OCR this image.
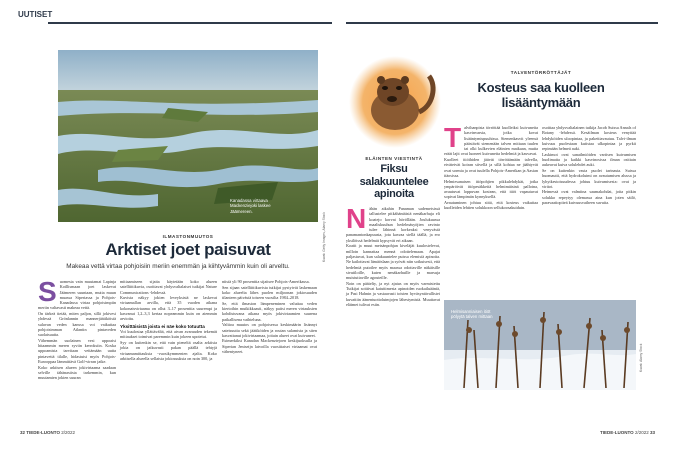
UUTISET
Kanadassa virtaava Mackenziejoki laskee Jäämereen.
Kuvat: Getty Images, Alamy Stock
ILMASTONMUUTOS
Arktiset joet paisuvat
Makeaa vettä virtaa pohjoisiin meriin enemmän ja kiihtyvämmin kuin oli arveltu.
S uomesta vain muutamat Lapinja Koillismaan joet laskevat Jäämeren suuntaan, mutta muun muassa Siperiassa ja Pohjois-Kanadassa virtaa pohjoisimpiin meriin valtavasti makeaa vettä.
On tärkeä tietää, miten paljon, sillä jokivesi yhdessä Grönlannin mannerjäätiköistä sulavan veden kanssa voi vaikuttaa pohjoisimman Atlantin pintaveden suolaisuutta.
Vähemmän suolainen vesi uppoaisi hitaammin meren syviin kerroksiin. Koska uppoamista tarvitaan veitämään uutta pintavettä tilalle, hidastuisi myös Pohjois-Eurooppaa lämmittävä Golf-virran jatke.
Koko arktisen alueen jokivirtaama saadaan selville tähänastista tarkemmin, kun muutamien jokien suuran
mittaamiseen sijaita käytetään koko alueen satelliittikuvia, osoittavat yhdysvaltalaiset tutkijat Nature Communications -lehdessä.
Kuvista näkyy jokien leveyksistä ne laskevat virtaamallan arvilla, että 35 vuoden aikana kokonaisvirtaama on ollut 3–17 prosenttia suurempi ja kasvanut 1,2–3,3 kertaa nopeammin kuin on aiemmin arvioitu.
Yksittäisistä joista ei näe koko totuutta
Voi kuulostaa yllättävältä, että aivan avaruuden tekemät mittaukset toimivat paremmin kuin jokeen upotetut.
Syy on kuitenkin se, että vain pieneltä osalta arktisia jokia on jatkuvasti pakan päällä tehtyjä virtaamamittauksia -vuosikymmenten ajalta. Koko arktisella alueella sellaisia jokiosuuksia on noin 300, ja
niistä yli 90 prosenttia sijaitsee Pohjois-Amerikassa.
Sen sijaan satelliittikuvista tutkijat pystyivät laskemaan koko alueelta lähes puolen miljoonan jokiosuuden tilanteen päivästä toiseen vuosilta 1984–2018.
Se, että ilmaston lämpeneminen valuttaa veden kiertoihin mutkikkaasti, näkyy paitsi meren virtauksien kohdistuvana aikana myös jokivirtaamien suurena paikallisena vaihteluna.
Valtioa muutos on pohjoisessa keskimäärin lisännyt sateisuutta sekä jäätiköiden ja routan sulamista ja siten kasvattanut jokivirtaamaa, joitain alueet ovat kuivuneet.
Esimerkiksi Kanadan Mackenziejoen keskijuoksulla ja Siperian Jeniseijn latvoilla vuosittaiset virtaamat ovat vähentyneet.
ELÄINTEN VIESTINTÄ
Fiksu salakuuntelee apinoita
N ähän aikahin Panaman sademetsissä tallustelee pitkähäntäisiä nenäkarhuja eli koatejo korvat höröllään. Joulukuussa maaliskuuhun hedelmäsyöjien ravinto tulee lähinnä korkeaksi venyvästä panamantonkapuusta, jota kasvaa siellä täällä, ja ero yksilöissä hedelmät kypsyvät eri aikaan.
Koatit ja muut metsänpohjan kiveläjät kuulostelevat, milloin kannattaa mennä odottelemaan. Apajat paljastuvat, kun salakuuntelee puissa elemisiä apinoita. Ne kailottavat lämäöslaan ja syövät niin sotkuisesti, että hedelmiä putoilee myös maassa odottaville näkäisille sivutiloille, kuten nenäkarhuille ja marsuja muistuttaville agouteille.
Noin on päätelty, ja nyt ajatus on myös varmistettu Tutkijat soittivat kaiuttimesta apinoiden ruokailuääniä, ja Pasi Hahnin ja vastaavasti toisten hyväsyntävallistei kuvattiin äänentuottoluimjojen lähestymistä. Muuttavat eläimet tulivat esiin.
TALVENTÖRRÖTTÄJÄT
Kosteus saa kuolleen lisääntymään
T alvihanpista törröttää kuolleiksi kuivuneita kasvinvarsia, jotka kovat lisääntymispuuhissa. Siemenkasvit yleensä päästävät siemenään talven mittaan tuulen tai olki kulkevien eläinten matkaan, mutta eräät lajit ovat luoneet kuivuneita hedelmiä ja kasvavat.
Kuolleet itiöihiden jäävät törröttämään talvella, eiväteivät koiran siivellä ja sillä kohtaa ne jäähtyvät ovat sormia ja ovat tuulella Pohjois-Amerikan ja Aasian itäosissa.
Helmiesanaisen itiöpohjien pikkulehdykät, jotka ympäröivät itiöpesäkkeitä helmimäisinä palloina, avautuvat loppuvan kostean, että itiöt vapautuvat sopivat lämpimän kynnyksellä.
Avautuminen johtuu siitä, että kosteus vaikuttaa kuolleiden lehtien solukkoon sellukoosakuiduin.
osoittaa yhdysvaltalainen tutkija Jacob Suissa Annals of Botany -lehdessä. Kesäilman kosteus venyttää lehdyköiden uloopintaa, ja pakettiavautuu. Talvi-ilman kuivuus puolestaan kutistaa ulkopintaa ja pyrkii repimään helmeä auki.
Laskimot ovat sanailmiöiden vartisen kuivumisen huolimatta ja kaikki kasvinosissa ilman osittain aukeavat kuiva solulehdet auki.
Se on kuitenkin vasta puolet tarinasta. Suissa huomautti, että hydrokoluimi on avautumisen alussa ja lyhytkestoisuudessa johtuu kuivumisesta: ovat ja viritot.
Heimessä ovat valmiina saumakohdat, joita pitkin solukko repeytyy olemassa aina kun joten säilö, paravaatiopiteä kuivuusvaiheen suvuita.
Helmisanniaisen itiöt pölyytä talven mittaan
Kuvat: Alamy Stock
32 TIEDE-LUONTO 2/2022	TIEDE-LUONTO 2/2022 33
